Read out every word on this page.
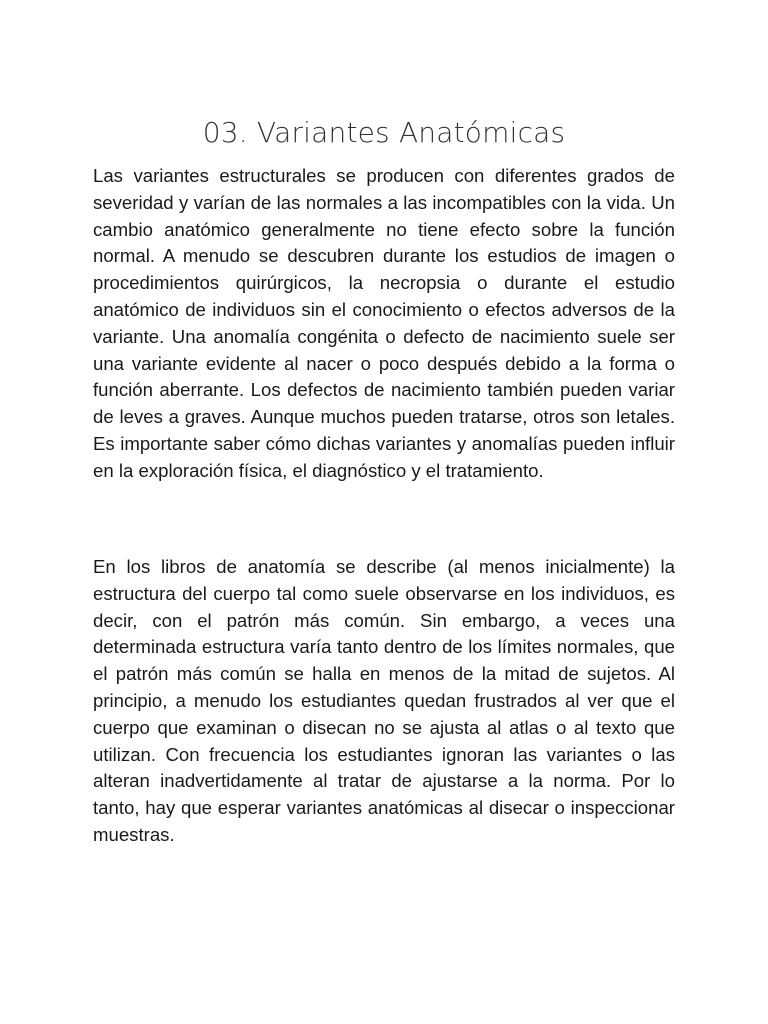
03. Variantes Anatómicas

Las variantes estructurales se producen con diferentes grados de severidad y varían de las normales a las incompatibles con la vida. Un cambio anatómico generalmente no tiene efecto sobre la función normal. A menudo se descubren durante los estudios de imagen o procedimientos quirúrgicos, la necropsia o durante el estudio anatómico de individuos sin el conocimiento o efectos adversos de la variante. Una anomalía congénita o defecto de nacimiento suele ser una variante evidente al nacer o poco después debido a la forma o función aberrante. Los defectos de nacimiento también pueden variar de leves a graves. Aunque muchos pueden tratarse, otros son letales. Es importante saber cómo dichas variantes y anomalías pueden influir en la exploración física, el diagnóstico y el tratamiento.

En los libros de anatomía se describe (al menos inicialmente) la estructura del cuerpo tal como suele observarse en los individuos, es decir, con el patrón más común. Sin embargo, a veces una determinada estructura varía tanto dentro de los límites normales, que el patrón más común se halla en menos de la mitad de sujetos. Al principio, a menudo los estudiantes quedan frustrados al ver que el cuerpo que examinan o disecan no se ajusta al atlas o al texto que utilizan. Con frecuencia los estudiantes ignoran las variantes o las alteran inadvertidamente al tratar de ajustarse a la norma. Por lo tanto, hay que esperar variantes anatómicas al disecar o inspeccionar muestras.
